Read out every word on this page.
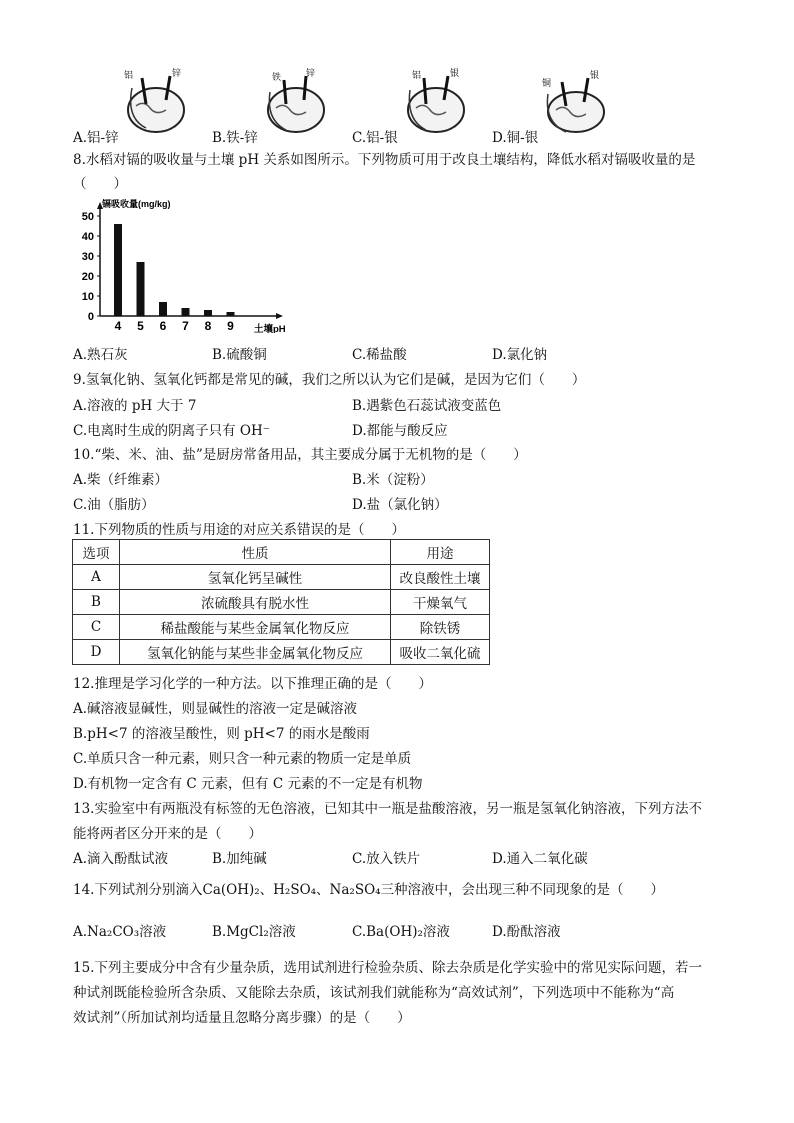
铝	锌	铁	锌	铝	银
铜
银
A.铝-锌	B.铁-锌	C.铝-银	D.铜-银
8.水稻对镉的吸收量与土壤 pH 关系如图所示。下列物质可用于改良土壤结构，降低水稻对镉吸收量的是
（　　）
0
10
20
30
40
50
4 5 6 7 8 9
镉吸收量(mg/kg)
土壤pH
A.熟石灰	B.硫酸铜	C.稀盐酸	D.氯化钠
9.氢氧化钠、氢氧化钙都是常见的碱，我们之所以认为它们是碱，是因为它们（　　）
A.溶液的 pH 大于 7	B.遇紫色石蕊试液变蓝色
C.电离时生成的阴离子只有 OH⁻	D.都能与酸反应
10.“柴、米、油、盐”是厨房常备用品，其主要成分属于无机物的是（　　）
A.柴（纤维素）	B.米（淀粉）
C.油（脂肪）	D.盐（氯化钠）
11.下列物质的性质与用途的对应关系错误的是（　　）
选项	性质	用途
A	氢氧化钙呈碱性	改良酸性土壤
B	浓硫酸具有脱水性	干燥氧气
C	稀盐酸能与某些金属氧化物反应	除铁锈
D	氢氧化钠能与某些非金属氧化物反应	吸收二氧化硫
12.推理是学习化学的一种方法。以下推理正确的是（　　）
A.碱溶液显碱性，则显碱性的溶液一定是碱溶液
B.pH<7 的溶液呈酸性，则 pH<7 的雨水是酸雨
C.单质只含一种元素，则只含一种元素的物质一定是单质
D.有机物一定含有 C 元素，但有 C 元素的不一定是有机物
13.实验室中有两瓶没有标签的无色溶液，已知其中一瓶是盐酸溶液，另一瓶是氢氧化钠溶液，下列方法不
能将两者区分开来的是（　　）
A.滴入酚酞试液	B.加纯碱	C.放入铁片	D.通入二氧化碳
14.下列试剂分别滴入Ca(OH)₂、H₂SO₄、Na₂SO₄三种溶液中，会出现三种不同现象的是（　　）
A.Na₂CO₃溶液	B.MgCl₂溶液	C.Ba(OH)₂溶液	D.酚酞溶液
15.下列主要成分中含有少量杂质，选用试剂进行检验杂质、除去杂质是化学实验中的常见实际问题，若一
种试剂既能检验所含杂质、又能除去杂质，该试剂我们就能称为“高效试剂”，下列选项中不能称为“高
效试剂”（所加试剂均适量且忽略分离步骤）的是（　　）
